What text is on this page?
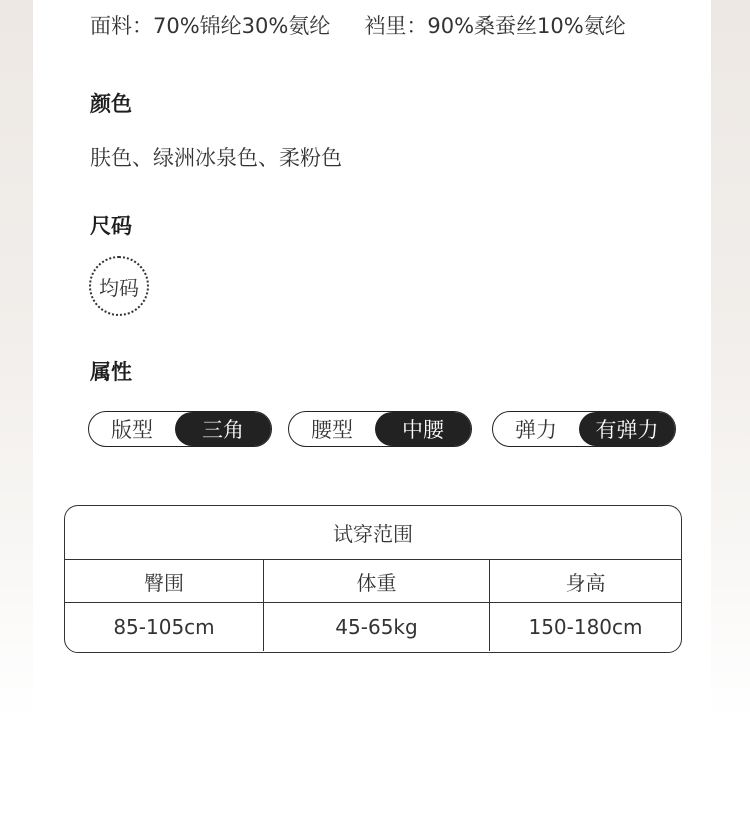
面料：70%锦纶30%氨纶 裆里：90%桑蚕丝10%氨纶
颜色
肤色、绿洲冰泉色、柔粉色
尺码
均码
属性
版型	三角	腰型	中腰	弹力	有弹力
试穿范围
臀围	体重	身高
85-105cm	45-65kg	150-180cm
